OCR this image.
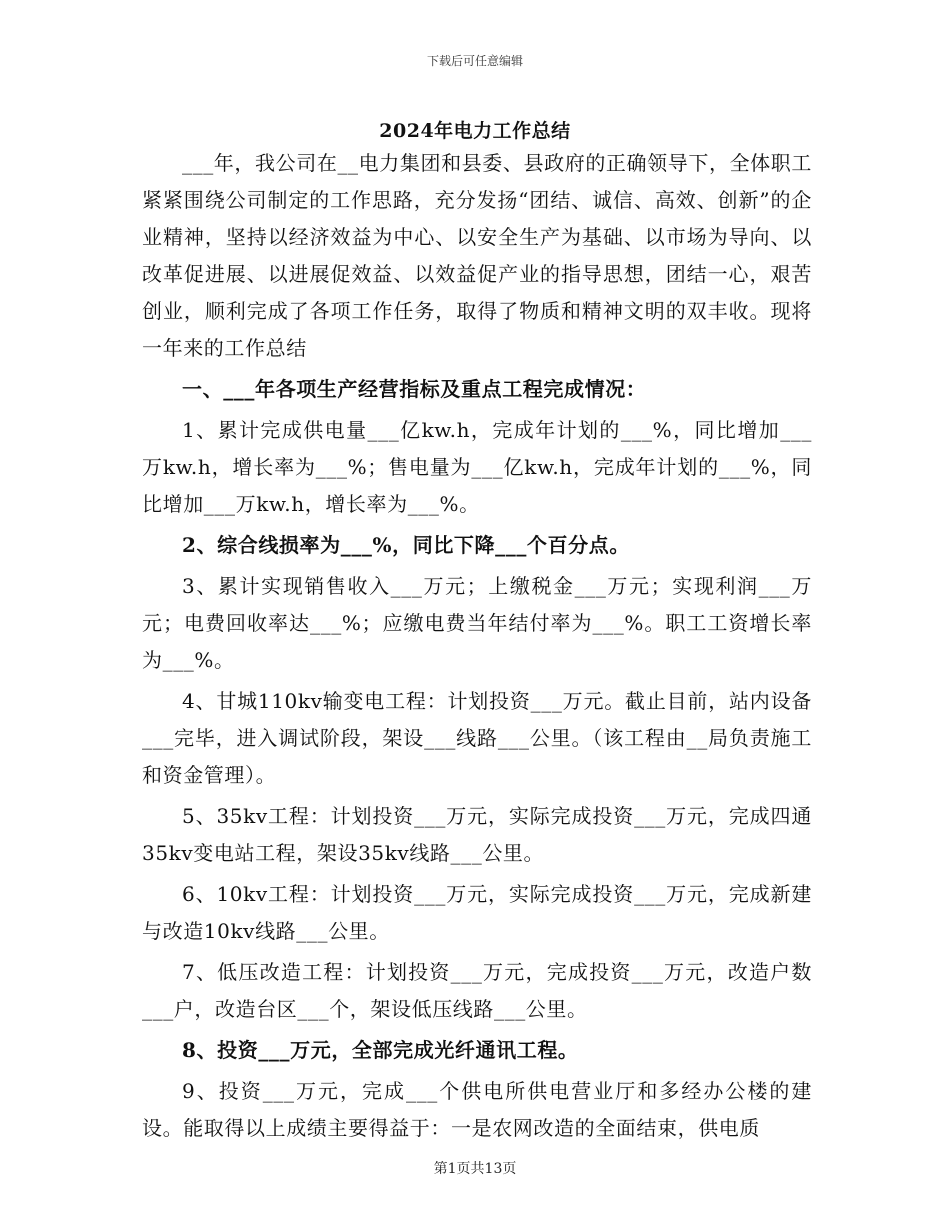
下载后可任意编辑
2024年电力工作总结

___年，我公司在__电力集团和县委、县政府的正确领导下，全体职工紧紧围绕公司制定的工作思路，充分发扬“团结、诚信、高效、创新”的企业精神，坚持以经济效益为中心、以安全生产为基础、以市场为导向、以改革促进展、以进展促效益、以效益促产业的指导思想，团结一心，艰苦创业，顺利完成了各项工作任务，取得了物质和精神文明的双丰收。现将一年来的工作总结

一、___年各项生产经营指标及重点工程完成情况：

1、累计完成供电量___亿kw.h，完成年计划的___%，同比增加___万kw.h，增长率为___%；售电量为___亿kw.h，完成年计划的___%，同比增加___万kw.h，增长率为___%。

2、综合线损率为___%，同比下降___个百分点。

3、累计实现销售收入___万元；上缴税金___万元；实现利润___万元；电费回收率达___%；应缴电费当年结付率为___%。职工工资增长率为___%。

4、甘城110kv输变电工程：计划投资___万元。截止目前，站内设备___完毕，进入调试阶段，架设___线路___公里。（该工程由__局负责施工和资金管理）。

5、35kv工程：计划投资___万元，实际完成投资___万元，完成四通35kv变电站工程，架设35kv线路___公里。

6、10kv工程：计划投资___万元，实际完成投资___万元，完成新建与改造10kv线路___公里。

7、低压改造工程：计划投资___万元，完成投资___万元，改造户数___户，改造台区___个，架设低压线路___公里。

8、投资___万元，全部完成光纤通讯工程。

9、投资___万元，完成___个供电所供电营业厅和多经办公楼的建设。能取得以上成绩主要得益于：一是农网改造的全面结束，供电质

第1页共13页
